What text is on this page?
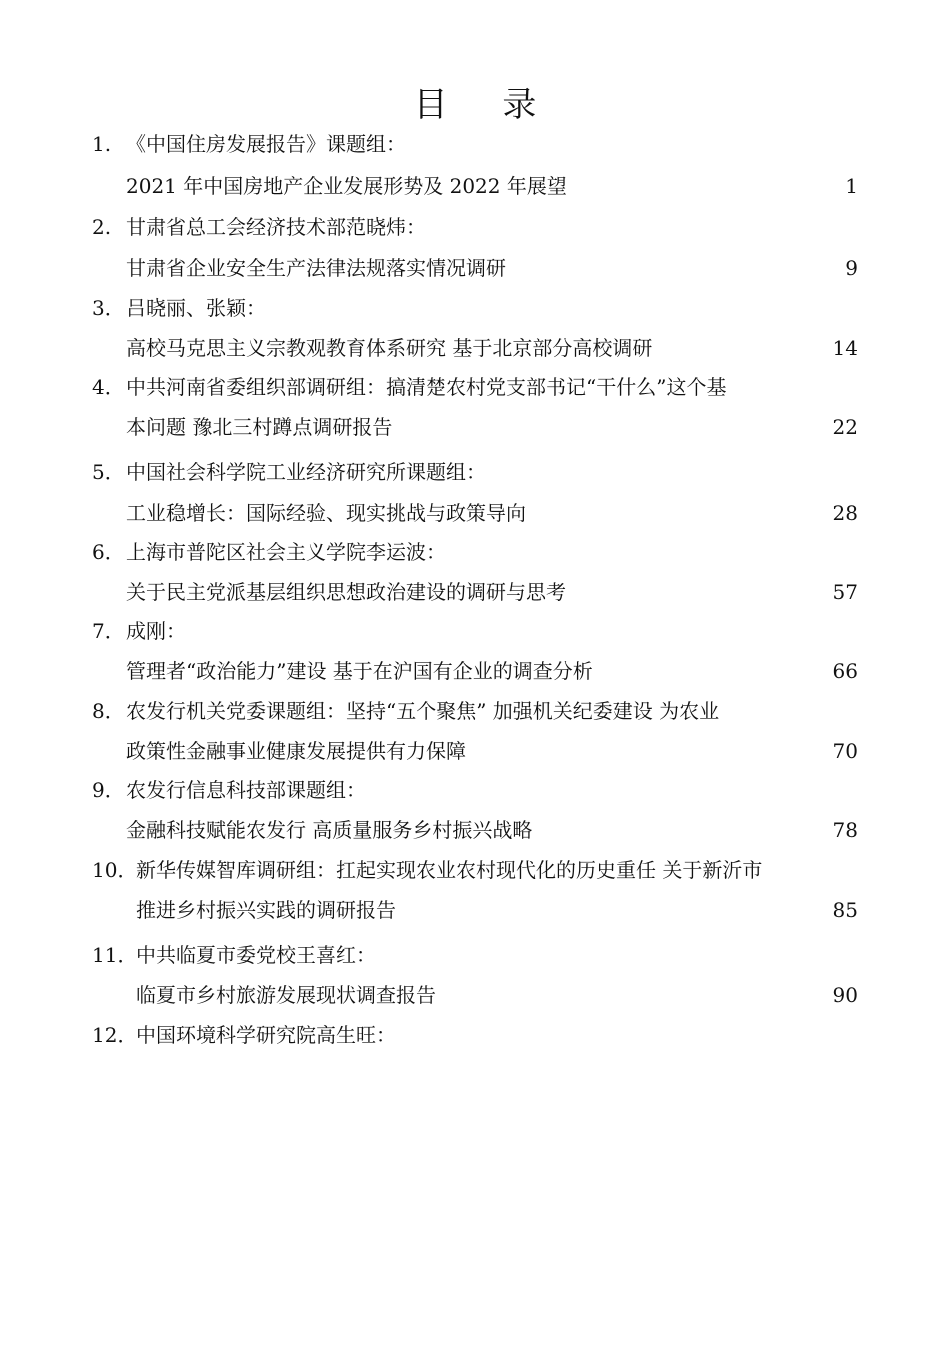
目 录
1. 《中国住房发展报告》课题组：
2021 年中国房地产企业发展形势及 2022 年展望	1
2. 甘肃省总工会经济技术部范晓炜：
甘肃省企业安全生产法律法规落实情况调研	9
3．吕晓丽、张颖：
高校马克思主义宗教观教育体系研究 基于北京部分高校调研	14
4．中共河南省委组织部调研组：搞清楚农村党支部书记“干什么”这个基
本问题 豫北三村蹲点调研报告	22
5．中国社会科学院工业经济研究所课题组：
工业稳增长：国际经验、现实挑战与政策导向	28
6．上海市普陀区社会主义学院李运波：
关于民主党派基层组织思想政治建设的调研与思考	57
7．成刚：
管理者“政治能力”建设 基于在沪国有企业的调查分析	66
8．农发行机关党委课题组：坚持“五个聚焦” 加强机关纪委建设 为农业
政策性金融事业健康发展提供有力保障	70
9．农发行信息科技部课题组：
金融科技赋能农发行 高质量服务乡村振兴战略	78
10．新华传媒智库调研组：扛起实现农业农村现代化的历史重任 关于新沂市
推进乡村振兴实践的调研报告	85
11．中共临夏市委党校王喜红：
临夏市乡村旅游发展现状调查报告	90
12．中国环境科学研究院高生旺：
